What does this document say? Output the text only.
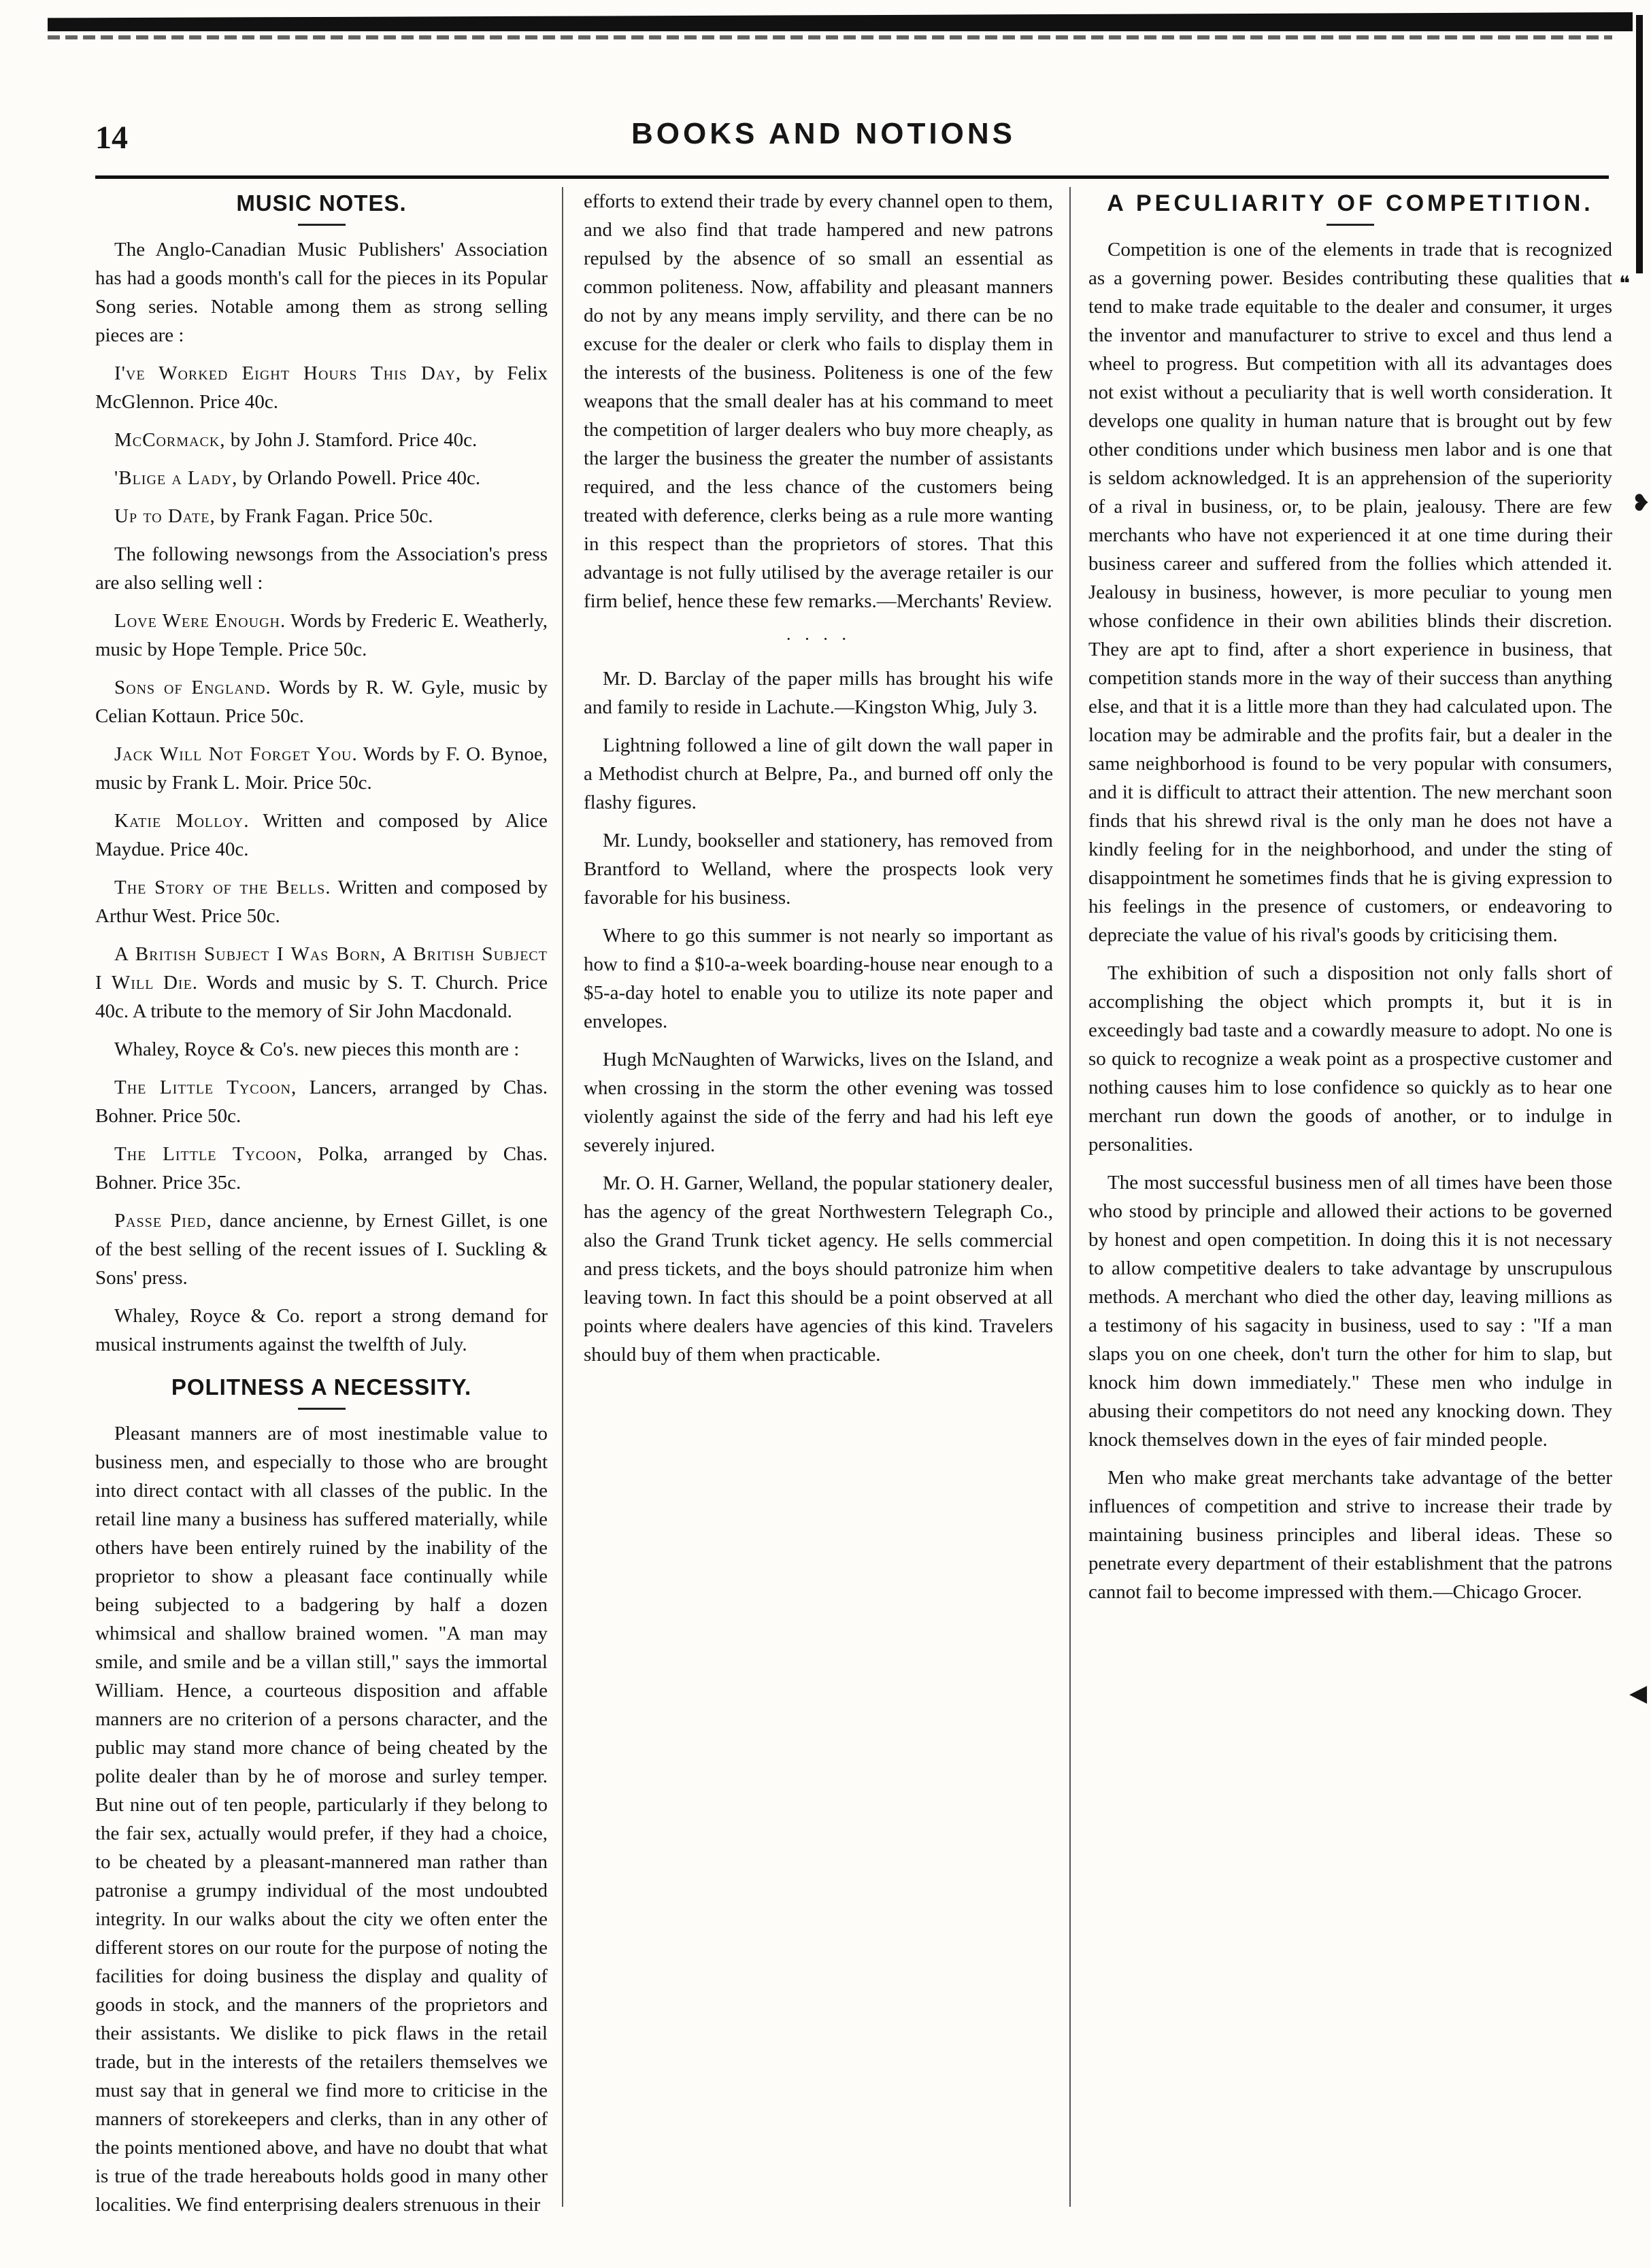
14	BOOKS AND NOTIONS
MUSIC NOTES.

The Anglo-Canadian Music Publishers' Association has had a goods month's call for the pieces in its Popular Song series. Notable among them as strong selling pieces are :

I've Worked Eight Hours This Day, by Felix McGlennon. Price 40c.

McCormack, by John J. Stamford. Price 40c.

'Blige a Lady, by Orlando Powell. Price 40c.

Up to Date, by Frank Fagan. Price 50c.

The following newsongs from the Association's press are also selling well :

Love Were Enough. Words by Frederic E. Weatherly, music by Hope Temple. Price 50c.

Sons of England. Words by R. W. Gyle, music by Celian Kottaun. Price 50c.

Jack Will Not Forget You. Words by F. O. Bynoe, music by Frank L. Moir. Price 50c.

Katie Molloy. Written and composed by Alice Maydue. Price 40c.

The Story of the Bells. Written and composed by Arthur West. Price 50c.

A British Subject I Was Born, A British Subject I Will Die. Words and music by S. T. Church. Price 40c. A tribute to the memory of Sir John Macdonald.

Whaley, Royce & Co's. new pieces this month are :

The Little Tycoon, Lancers, arranged by Chas. Bohner. Price 50c.

The Little Tycoon, Polka, arranged by Chas. Bohner. Price 35c.

Passe Pied, dance ancienne, by Ernest Gillet, is one of the best selling of the recent issues of I. Suckling & Sons' press.

Whaley, Royce & Co. report a strong demand for musical instruments against the twelfth of July.

POLITNESS A NECESSITY.

Pleasant manners are of most inestimable value to business men, and especially to those who are brought into direct contact with all classes of the public. In the retail line many a business has suffered materially, while others have been entirely ruined by the inability of the proprietor to show a pleasant face continually while being subjected to a badgering by half a dozen whimsical and shallow brained women. "A man may smile, and smile and be a villan still," says the immortal William. Hence, a courteous disposition and affable manners are no criterion of a persons character, and the public may stand more chance of being cheated by the polite dealer than by he of morose and surley temper. But nine out of ten people, particularly if they belong to the fair sex, actually would prefer, if they had a choice, to be cheated by a pleasant-mannered man rather than patronise a grumpy individual of the most undoubted integrity. In our walks about the city we often enter the different stores on our route for the purpose of noting the facilities for doing business the display and quality of goods in stock, and the manners of the proprietors and their assistants. We dislike to pick flaws in the retail trade, but in the interests of the retailers themselves we must say that in general we find more to criticise in the manners of storekeepers and clerks, than in any other of the points mentioned above, and have no doubt that what is true of the trade hereabouts holds good in many other localities. We find enterprising dealers strenuous in their

efforts to extend their trade by every channel open to them, and we also find that trade hampered and new patrons repulsed by the absence of so small an essential as common politeness. Now, affability and pleasant manners do not by any means imply servility, and there can be no excuse for the dealer or clerk who fails to display them in the interests of the business. Politeness is one of the few weapons that the small dealer has at his command to meet the competition of larger dealers who buy more cheaply, as the larger the business the greater the number of assistants required, and the less chance of the customers being treated with deference, clerks being as a rule more wanting in this respect than the proprietors of stores. That this advantage is not fully utilised by the average retailer is our firm belief, hence these few remarks.—Merchants' Review.

· · · ·

Mr. D. Barclay of the paper mills has brought his wife and family to reside in Lachute.—Kingston Whig, July 3.

Lightning followed a line of gilt down the wall paper in a Methodist church at Belpre, Pa., and burned off only the flashy figures.

Mr. Lundy, bookseller and stationery, has removed from Brantford to Welland, where the prospects look very favorable for his business.

Where to go this summer is not nearly so important as how to find a $10-a-week boarding-house near enough to a $5-a-day hotel to enable you to utilize its note paper and envelopes.

Hugh McNaughten of Warwicks, lives on the Island, and when crossing in the storm the other evening was tossed violently against the side of the ferry and had his left eye severely injured.

Mr. O. H. Garner, Welland, the popular stationery dealer, has the agency of the great Northwestern Telegraph Co., also the Grand Trunk ticket agency. He sells commercial and press tickets, and the boys should patronize him when leaving town. In fact this should be a point observed at all points where dealers have agencies of this kind. Travelers should buy of them when practicable.

A PECULIARITY OF COMPETITION.

Competition is one of the elements in trade that is recognized as a governing power. Besides contributing these qualities that tend to make trade equitable to the dealer and consumer, it urges the inventor and manufacturer to strive to excel and thus lend a wheel to progress. But competition with all its advantages does not exist without a peculiarity that is well worth consideration. It develops one quality in human nature that is brought out by few other conditions under which business men labor and is one that is seldom acknowledged. It is an apprehension of the superiority of a rival in business, or, to be plain, jealousy. There are few merchants who have not experienced it at one time during their business career and suffered from the follies which attended it. Jealousy in business, however, is more peculiar to young men whose confidence in their own abilities blinds their discretion. They are apt to find, after a short experience in business, that competition stands more in the way of their success than anything else, and that it is a little more than they had calculated upon. The location may be admirable and the profits fair, but a dealer in the same neighborhood is found to be very popular with consumers, and it is difficult to attract their attention. The new merchant soon finds that his shrewd rival is the only man he does not have a kindly feeling for in the neighborhood, and under the sting of disappointment he sometimes finds that he is giving expression to his feelings in the presence of customers, or endeavoring to depreciate the value of his rival's goods by criticising them.

The exhibition of such a disposition not only falls short of accomplishing the object which prompts it, but it is in exceedingly bad taste and a cowardly measure to adopt. No one is so quick to recognize a weak point as a prospective customer and nothing causes him to lose confidence so quickly as to hear one merchant run down the goods of another, or to indulge in personalities.

The most successful business men of all times have been those who stood by principle and allowed their actions to be governed by honest and open competition. In doing this it is not necessary to allow competitive dealers to take advantage by unscrupulous methods. A merchant who died the other day, leaving millions as a testimony of his sagacity in business, used to say : "If a man slaps you on one cheek, don't turn the other for him to slap, but knock him down immediately." These men who indulge in abusing their competitors do not need any knocking down. They knock themselves down in the eyes of fair minded people.

Men who make great merchants take advantage of the better influences of competition and strive to increase their trade by maintaining business principles and liberal ideas. These so penetrate every department of their establishment that the patrons cannot fail to become impressed with them.—Chicago Grocer.

❝
❥
◀
